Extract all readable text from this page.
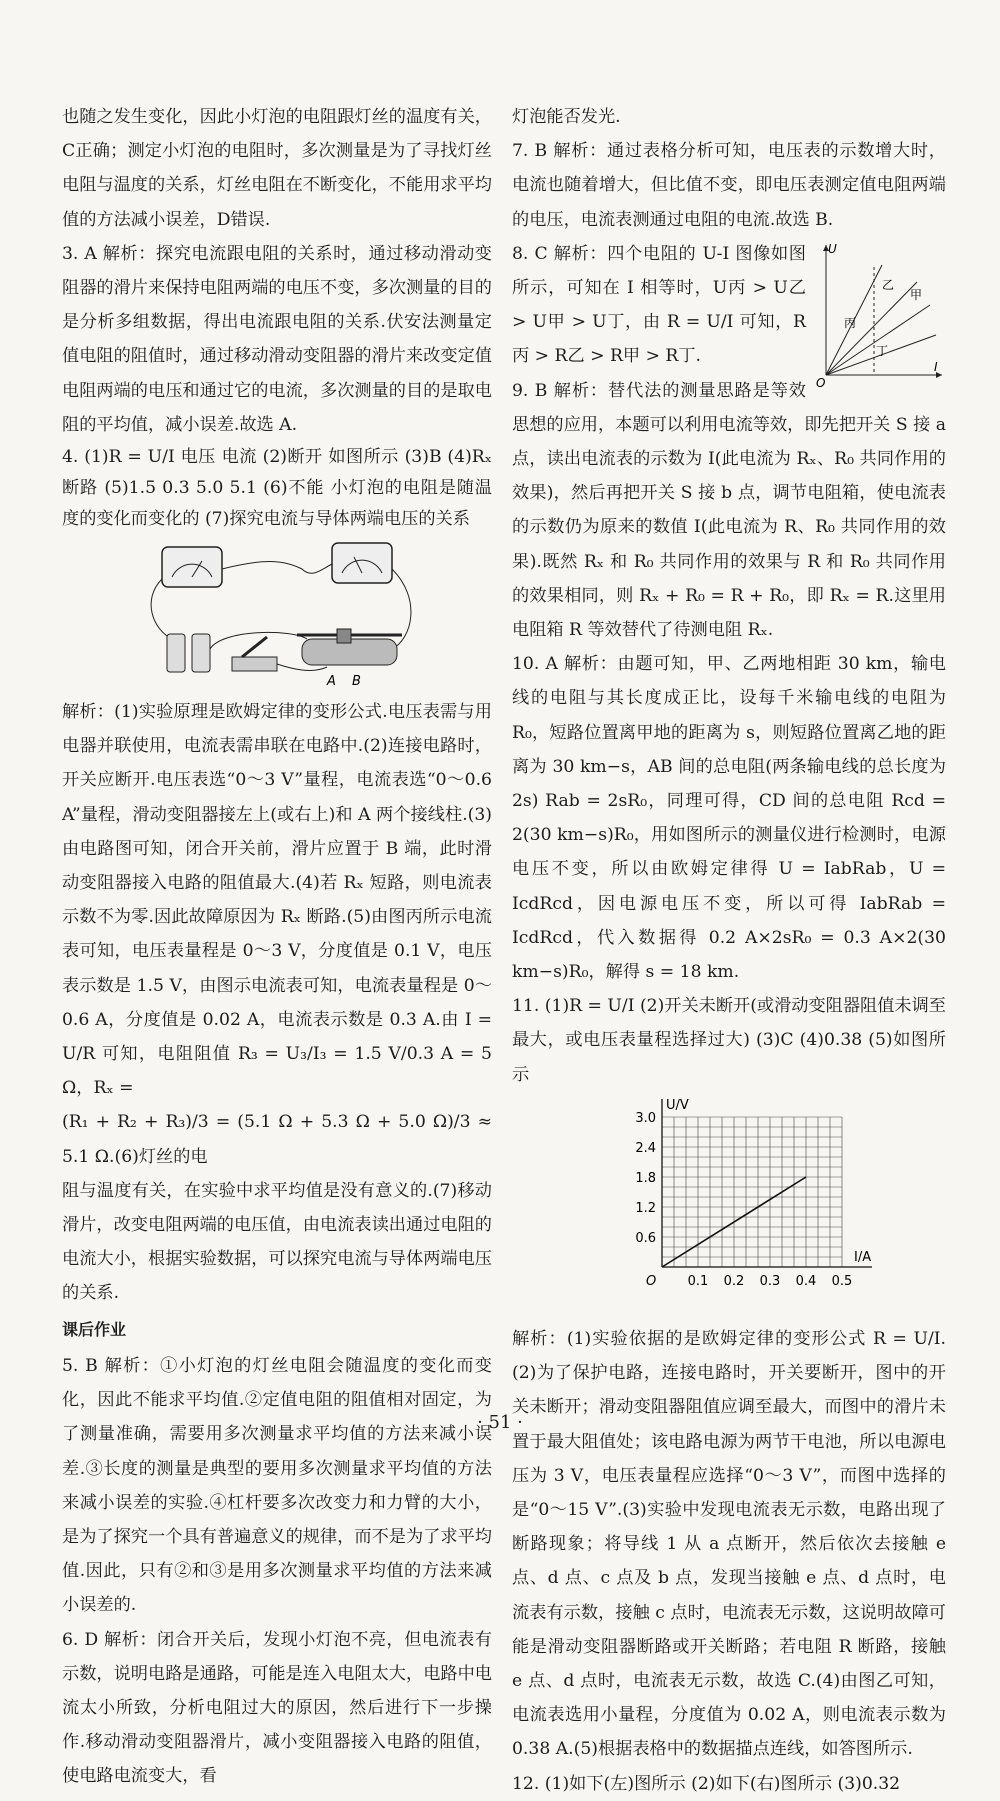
也随之发生变化，因此小灯泡的电阻跟灯丝的温度有关，C正确；测定小灯泡的电阻时，多次测量是为了寻找灯丝电阻与温度的关系，灯丝电阻在不断变化，不能用求平均值的方法减小误差，D错误.

3. A 解析：探究电流跟电阻的关系时，通过移动滑动变阻器的滑片来保持电阻两端的电压不变，多次测量的目的是分析多组数据，得出电流跟电阻的关系.伏安法测量定值电阻的阻值时，通过移动滑动变阻器的滑片来改变定值电阻两端的电压和通过它的电流，多次测量的目的是取电阻的平均值，减小误差.故选 A.

4. (1)R = U/I 电压 电流 (2)断开 如图所示 (3)B (4)Rₓ 断路 (5)1.5 0.3 5.0 5.1 (6)不能 小灯泡的电阻是随温度的变化而变化的 (7)探究电流与导体两端电压的关系

A B

解析：(1)实验原理是欧姆定律的变形公式.电压表需与用电器并联使用，电流表需串联在电路中.(2)连接电路时，开关应断开.电压表选“0～3 V”量程，电流表选“0～0.6 A”量程，滑动变阻器接左上(或右上)和 A 两个接线柱.(3)由电路图可知，闭合开关前，滑片应置于 B 端，此时滑动变阻器接入电路的阻值最大.(4)若 Rₓ 短路，则电流表示数不为零.因此故障原因为 Rₓ 断路.(5)由图丙所示电流表可知，电压表量程是 0～3 V，分度值是 0.1 V，电压表示数是 1.5 V，由图示电流表可知，电流表量程是 0～0.6 A，分度值是 0.02 A，电流表示数是 0.3 A.由 I = U/R 可知，电阻阻值 R₃ = U₃/I₃ = 1.5 V/0.3 A = 5 Ω，Rₓ =

(R₁ + R₂ + R₃)/3 = (5.1 Ω + 5.3 Ω + 5.0 Ω)/3 ≈ 5.1 Ω.(6)灯丝的电

阻与温度有关，在实验中求平均值是没有意义的.(7)移动滑片，改变电阻两端的电压值，由电流表读出通过电阻的电流大小，根据实验数据，可以探究电流与导体两端电压的关系.

课后作业

5. B 解析：①小灯泡的灯丝电阻会随温度的变化而变化，因此不能求平均值.②定值电阻的阻值相对固定，为了测量准确，需要用多次测量求平均值的方法来减小误差.③长度的测量是典型的要用多次测量求平均值的方法来减小误差的实验.④杠杆要多次改变力和力臂的大小，是为了探究一个具有普遍意义的规律，而不是为了求平均值.因此，只有②和③是用多次测量求平均值的方法来减小误差的.

6. D 解析：闭合开关后，发现小灯泡不亮，但电流表有示数，说明电路是通路，可能是连入电阻太大，电路中电流太小所致，分析电阻过大的原因，然后进行下一步操作.移动滑动变阻器滑片，减小变阻器接入电路的阻值，使电路电流变大，看

灯泡能否发光.

7. B 解析：通过表格分析可知，电压表的示数增大时，电流也随着增大，但比值不变，即电压表测定值电阻两端的电压，电流表测通过电阻的电流.故选 B.

U
I
O
乙
甲
丙
丁

8. C 解析：四个电阻的 U-I 图像如图所示，可知在 I 相等时，U丙 > U乙 > U甲 > U丁，由 R = U/I 可知，R丙 > R乙 > R甲 > R丁.

9. B 解析：替代法的测量思路是等效思想的应用，本题可以利用电流等效，即先把开关 S 接 a 点，读出电流表的示数为 I(此电流为 Rₓ、R₀ 共同作用的效果)，然后再把开关 S 接 b 点，调节电阻箱，使电流表的示数仍为原来的数值 I(此电流为 R、R₀ 共同作用的效果).既然 Rₓ 和 R₀ 共同作用的效果与 R 和 R₀ 共同作用的效果相同，则 Rₓ + R₀ = R + R₀，即 Rₓ = R.这里用电阻箱 R 等效替代了待测电阻 Rₓ.

10. A 解析：由题可知，甲、乙两地相距 30 km，输电线的电阻与其长度成正比，设每千米输电线的电阻为 R₀，短路位置离甲地的距离为 s，则短路位置离乙地的距离为 30 km−s，AB 间的总电阻(两条输电线的总长度为 2s) Rab = 2sR₀，同理可得，CD 间的总电阻 Rcd = 2(30 km−s)R₀，用如图所示的测量仪进行检测时，电源电压不变，所以由欧姆定律得 U = IabRab，U = IcdRcd，因电源电压不变，所以可得 IabRab = IcdRcd，代入数据得 0.2 A×2sR₀ = 0.3 A×2(30 km−s)R₀，解得 s = 18 km.

11. (1)R = U/I (2)开关未断开(或滑动变阻器阻值未调至最大，或电压表量程选择过大) (3)C (4)0.38 (5)如图所示

0.1 0.2 0.3 0.4 0.5
0.6
1.2
1.8
2.4
3.0
I/A
U/V
O

解析：(1)实验依据的是欧姆定律的变形公式 R = U/I.(2)为了保护电路，连接电路时，开关要断开，图中的开关未断开；滑动变阻器阻值应调至最大，而图中的滑片未置于最大阻值处；该电路电源为两节干电池，所以电源电压为 3 V，电压表量程应选择“0～3 V”，而图中选择的是“0～15 V”.(3)实验中发现电流表无示数，电路出现了断路现象；将导线 1 从 a 点断开，然后依次去接触 e 点、d 点、c 点及 b 点，发现当接触 e 点、d 点时，电流表有示数，接触 c 点时，电流表无示数，这说明故障可能是滑动变阻器断路或开关断路；若电阻 R 断路，接触 e 点、d 点时，电流表无示数，故选 C.(4)由图乙可知，电流表选用小量程，分度值为 0.02 A，则电流表示数为 0.38 A.(5)根据表格中的数据描点连线，如答图所示.

12. (1)如下(左)图所示 (2)如下(右)图所示 (3)0.32

· 51 ·
